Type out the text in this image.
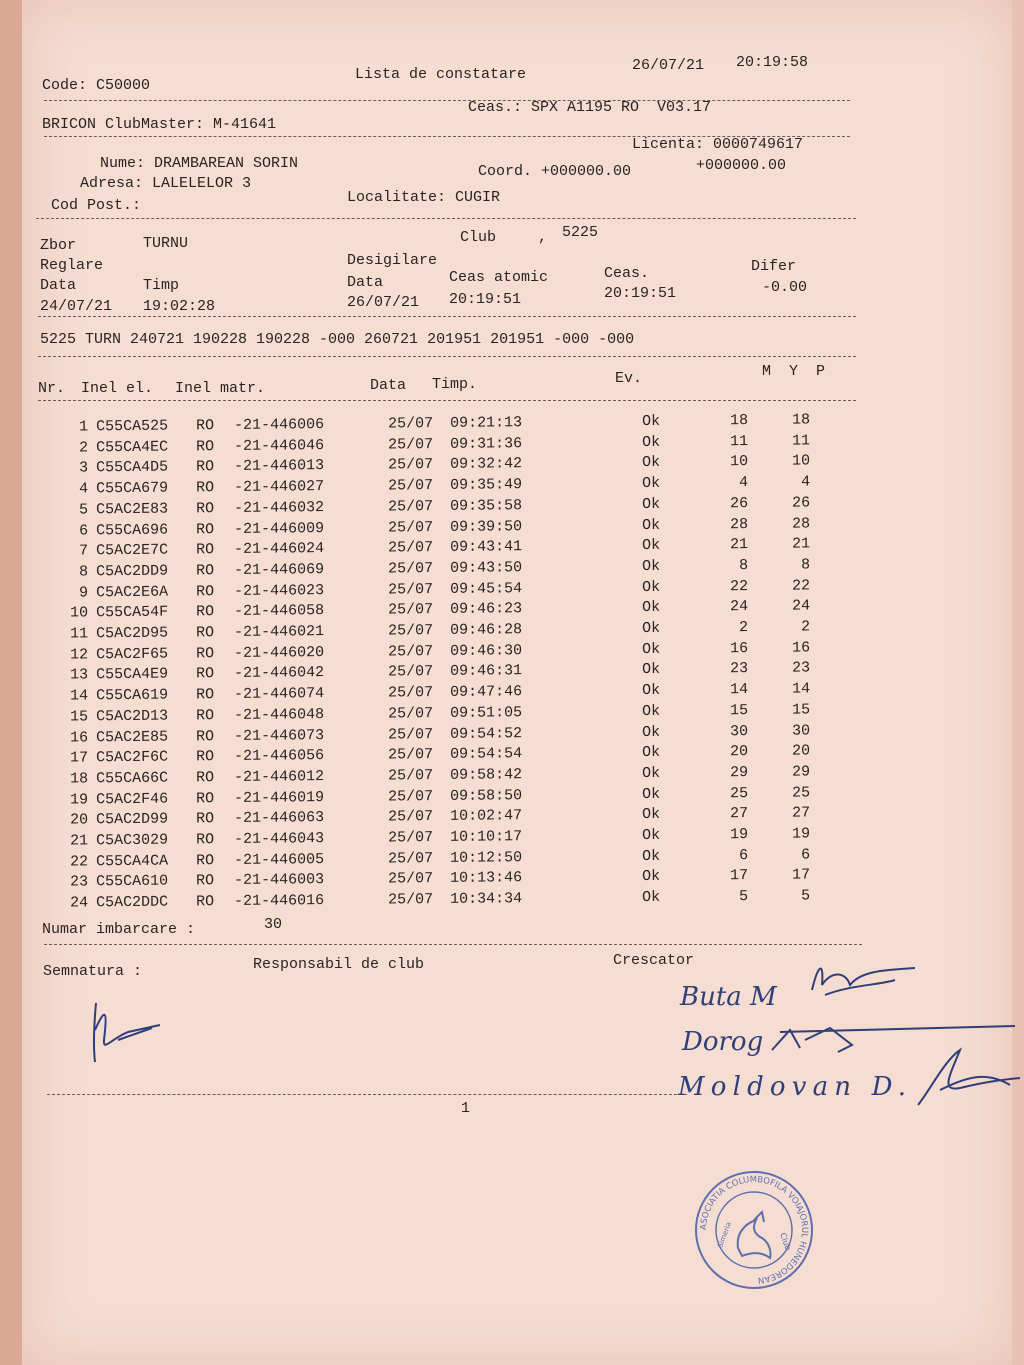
Code: C50000
Lista de constatare
26/07/21 20:19:58
BRICON ClubMaster: M-41641
Ceas.: SPX A1195 RO  V03.17
Licenta: 0000749617
Nume: DRAMBAREAN SORIN	Coord. +000000.00	+000000.00
Adresa: LALELELOR 3
Cod Post.:	Localitate: CUGIR
Zbor	TURNU	Club	, 5225
Reglare	Desigilare
Data	Timp	Data	Ceas atomic	Ceas.	Difer
24/07/21 19:02:28	26/07/21 20:19:51	20:19:51	-0.00
5225 TURN 240721 190228 190228 -000 260721 201951 201951 -000 -000
Nr. Inel el. Inel matr.	Data Timp.	Ev.	M  Y  P
1 C55CA525 RO -21-446006	25/07 09:21:13	Ok	18	18
2 C55CA4EC RO -21-446046	25/07 09:31:36	Ok	11	11
3 C55CA4D5 RO -21-446013	25/07 09:32:42	Ok	10	10
4 C55CA679 RO -21-446027	25/07 09:35:49	Ok	4	4
5 C5AC2E83 RO -21-446032	25/07 09:35:58	Ok	26	26
6 C55CA696 RO -21-446009	25/07 09:39:50	Ok	28	28
7 C5AC2E7C RO -21-446024	25/07 09:43:41	Ok	21	21
8 C5AC2DD9 RO -21-446069	25/07 09:43:50	Ok	8	8
9 C5AC2E6A RO -21-446023	25/07 09:45:54	Ok	22	22
10 C55CA54F RO -21-446058	25/07 09:46:23	Ok	24	24
11 C5AC2D95 RO -21-446021	25/07 09:46:28	Ok	2	2
12 C5AC2F65 RO -21-446020	25/07 09:46:30	Ok	16	16
13 C55CA4E9 RO -21-446042	25/07 09:46:31	Ok	23	23
14 C55CA619 RO -21-446074	25/07 09:47:46	Ok	14	14
15 C5AC2D13 RO -21-446048	25/07 09:51:05	Ok	15	15
16 C5AC2E85 RO -21-446073	25/07 09:54:52	Ok	30	30
17 C5AC2F6C RO -21-446056	25/07 09:54:54	Ok	20	20
18 C55CA66C RO -21-446012	25/07 09:58:42	Ok	29	29
19 C5AC2F46 RO -21-446019	25/07 09:58:50	Ok	25	25
20 C5AC2D99 RO -21-446063	25/07 10:02:47	Ok	27	27
21 C5AC3029 RO -21-446043	25/07 10:10:17	Ok	19	19
22 C55CA4CA RO -21-446005	25/07 10:12:50	Ok	6	6
23 C55CA610 RO -21-446003	25/07 10:13:46	Ok	17	17
24 C5AC2DDC RO -21-446016	25/07 10:34:34	Ok	5	5
Numar imbarcare :	30
Semnatura :	Responsabil de club	Crescator
1
Buta M
Dorog
Moldovan D.
ASOCIATIA COLUMBOFILA VOIAJORUL HUNEDOREAN
Club
Simeria
